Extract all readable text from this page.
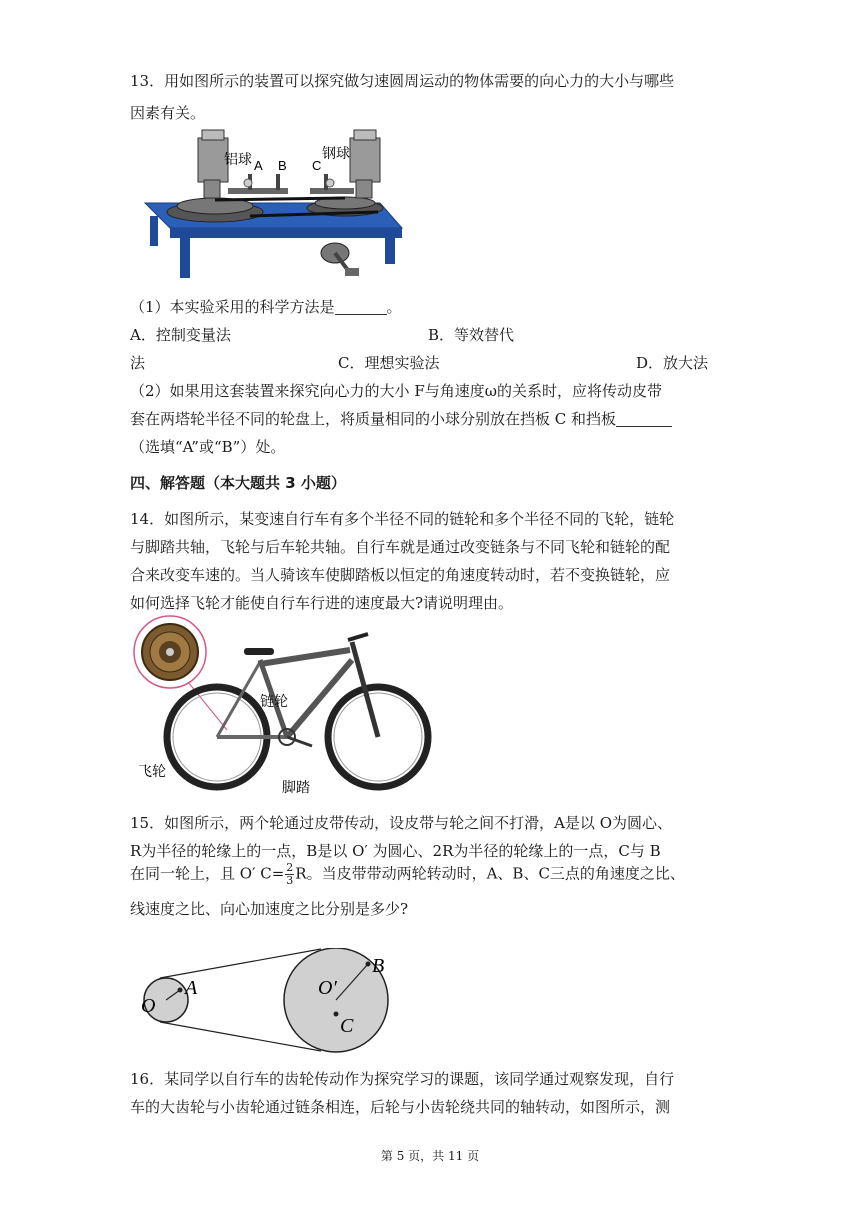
13．用如图所示的装置可以探究做匀速圆周运动的物体需要的向心力的大小与哪些
因素有关。
铝球 A B C
钢球
（1）本实验采用的科学方法是	。
A．控制变量法	B．等效替代
法	C．理想实验法	D．放大法
（2）如果用这套装置来探究向心力的大小 F与角速度ω的关系时，应将传动皮带
套在两塔轮半径不同的轮盘上，将质量相同的小球分别放在挡板 C 和挡板
（选填“A”或“B”）处。
四、解答题（本大题共 3 小题）
14．如图所示，某变速自行车有多个半径不同的链轮和多个半径不同的飞轮，链轮
与脚踏共轴，飞轮与后车轮共轴。自行车就是通过改变链条与不同飞轮和链轮的配
合来改变车速的。当人骑该车使脚踏板以恒定的角速度转动时，若不变换链轮，应
如何选择飞轮才能使自行车行进的速度最大?请说明理由。
链轮
飞轮
脚踏
15．如图所示，两个轮通过皮带传动，设皮带与轮之间不打滑，A是以 O为圆心、
R为半径的轮缘上的一点，B是以 O′ 为圆心、2R为半径的轮缘上的一点，C与 B
在同一轮上，且 O′ $C= \frac{2}{3}$ R。当皮带带动两轮转动时，A、B、C三点的角速度之比、
线速度之比、向心加速度之比分别是多少?
O
A	O′
B
C
16．某同学以自行车的齿轮传动作为探究学习的课题，该同学通过观察发现，自行
车的大齿轮与小齿轮通过链条相连，后轮与小齿轮绕共同的轴转动，如图所示，测
第 5 页，共 11 页
